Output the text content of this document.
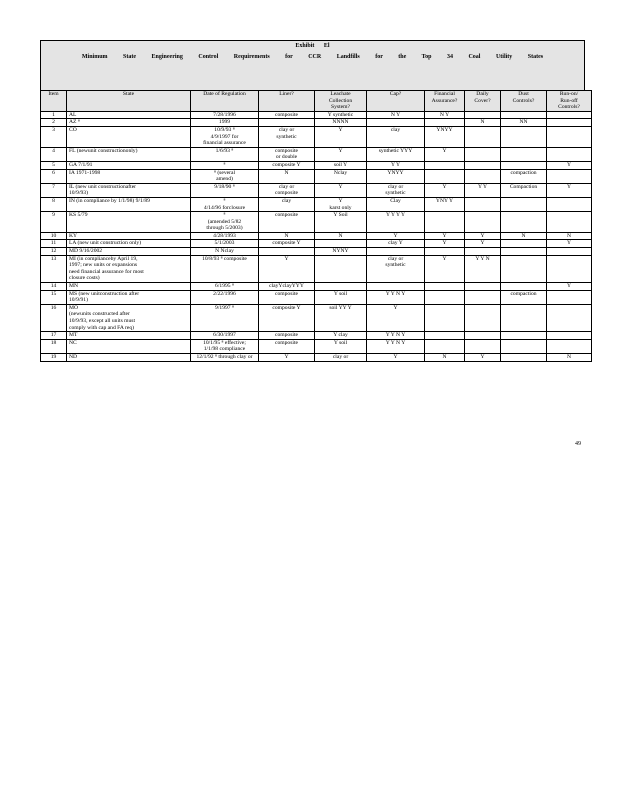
Exhibit El
Minimum State Engineering Control Requirements for CCR Landfills for the Top 34 Coal Utility States
Item	State	Date of Regulation	Liner?	Leachate
Collection
System?	Cap?	Financial
Assurance?	Daily
Cover?	Dust
Controls?	Run-on/
Run-off
Controls?
1	AL	7/28/1996	composite	Y synthetic	N Y	N Y			
2	AZ ⁸	1999		NNNN			N	NN	
3	CO	10/9/93 ⁸
4/9/1997 for
financial assurance	clay or
synthetic	Y	clay	YNYY			
4	FL (newunit constructiononly)	1/6/93 ⁸	composite
or double	Y	synthetic YYY	Y			
5	GA 7/1/91	⁸	composite Y	soil Y	Y Y				Y
6	IA 1971-1998	⁸ (several
amend)	N	Nclay	YNYY			compaction	
7	IL (new unit constructionafter
10/9/93)	9/18/90 ⁸	clay or
composite	Y	clay or
synthetic	Y	Y Y	Compaction	Y
8	IN (in compliance by 1/1/98) 9/1/89	⁸
4/14/96 forclosure	clay	Y
karst only	Clay	YNY Y			
9	KS 5/79	⁸
(amended 5/82
through 5/2003)	composite	Y Soil	Y Y Y Y				
10	KY	4/28/1993	N	N	Y	Y	Y	N	N
11	LA (new unit construction only)	5/1/2003	composite Y		clay Y	Y	Y		Y
12	MD 9/16/2002	N Nclay		NYNY					
13	MI (in complianceby April 19,
1997; new units or expansions
need financial assurance for most
closure costs)	10/8/93 ⁸ composite	Y		clay or
synthetic	Y	Y Y N		
14	MN	6/1995 ⁸	clayYclayYYY						Y
15	MS (new unitconstruction after
10/9/91)	2/22/1996	composite	Y soil	Y Y N Y			compaction	
16	MO
(newunits constructed after
10/9/93, except all units must
comply with cap and FA req)	9/1997 ⁸	composite Y	soil YY Y	Y				
17	MT	6/30/1997	composite	Y clay	Y Y N Y				
18	NC	10/1/95 ⁸ effective;
1/1/98 compliance	composite	Y soil	Y Y N Y				
19	ND	12/1/92 ⁸ through clay or	Y	clay or	Y	N	Y		N
49
